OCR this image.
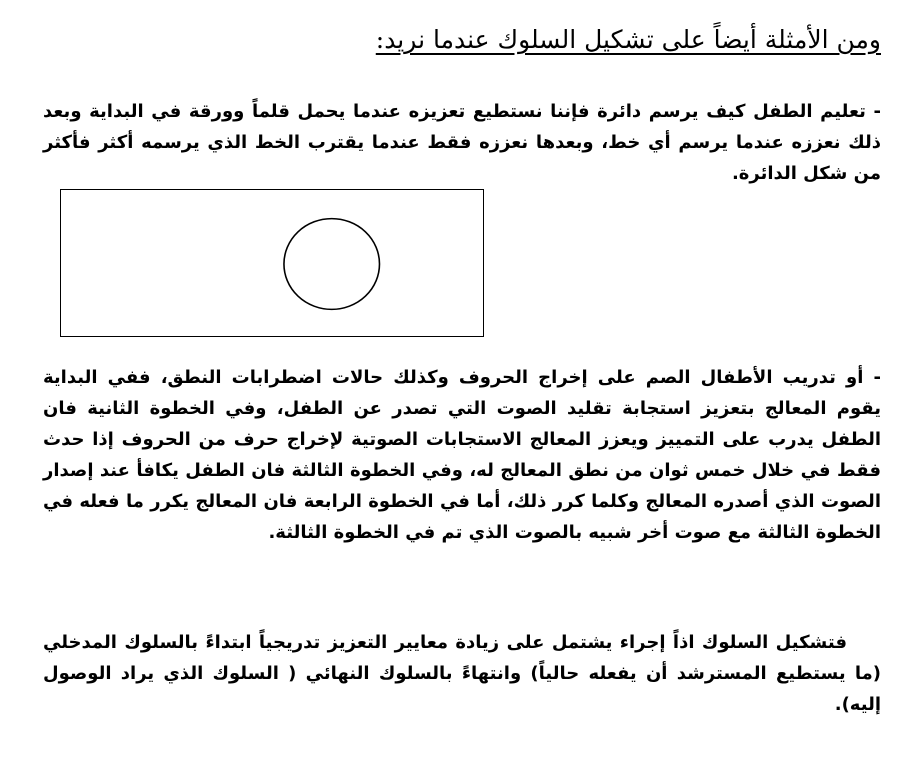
ومن الأمثلة أيضاً على تشكيل السلوك عندما نريد:

- تعليم الطفل كيف يرسم دائرة فإننا نستطيع تعزيزه عندما يحمل قلماً وورقة في البداية وبعد ذلك نعززه عندما يرسم أي خط، وبعدها نعززه فقط عندما يقترب الخط الذي يرسمه أكثر فأكثر من شكل الدائرة.

- أو تدريب الأطفال الصم على إخراج الحروف وكذلك حالات اضطرابات النطق، ففي البداية يقوم المعالج بتعزيز استجابة تقليد الصوت التي تصدر عن الطفل، وفي الخطوة الثانية فان الطفل يدرب على التمييز ويعزز المعالج الاستجابات الصوتية لإخراج حرف من الحروف إذا حدث فقط في خلال خمس ثوان من نطق المعالج له، وفي الخطوة الثالثة فان الطفل يكافأ عند إصدار الصوت الذي أصدره المعالج وكلما كرر ذلك، أما في الخطوة الرابعة فان المعالج يكرر ما فعله في الخطوة الثالثة مع صوت أخر شبيه بالصوت الذي تم في الخطوة الثالثة.

فتشكيل السلوك اذاً إجراء يشتمل على زيادة معايير التعزيز تدريجياً ابتداءً بالسلوك المدخلي (ما يستطيع المسترشد أن يفعله حالياً) وانتهاءً بالسلوك النهائي ( السلوك الذي يراد الوصول إليه).
